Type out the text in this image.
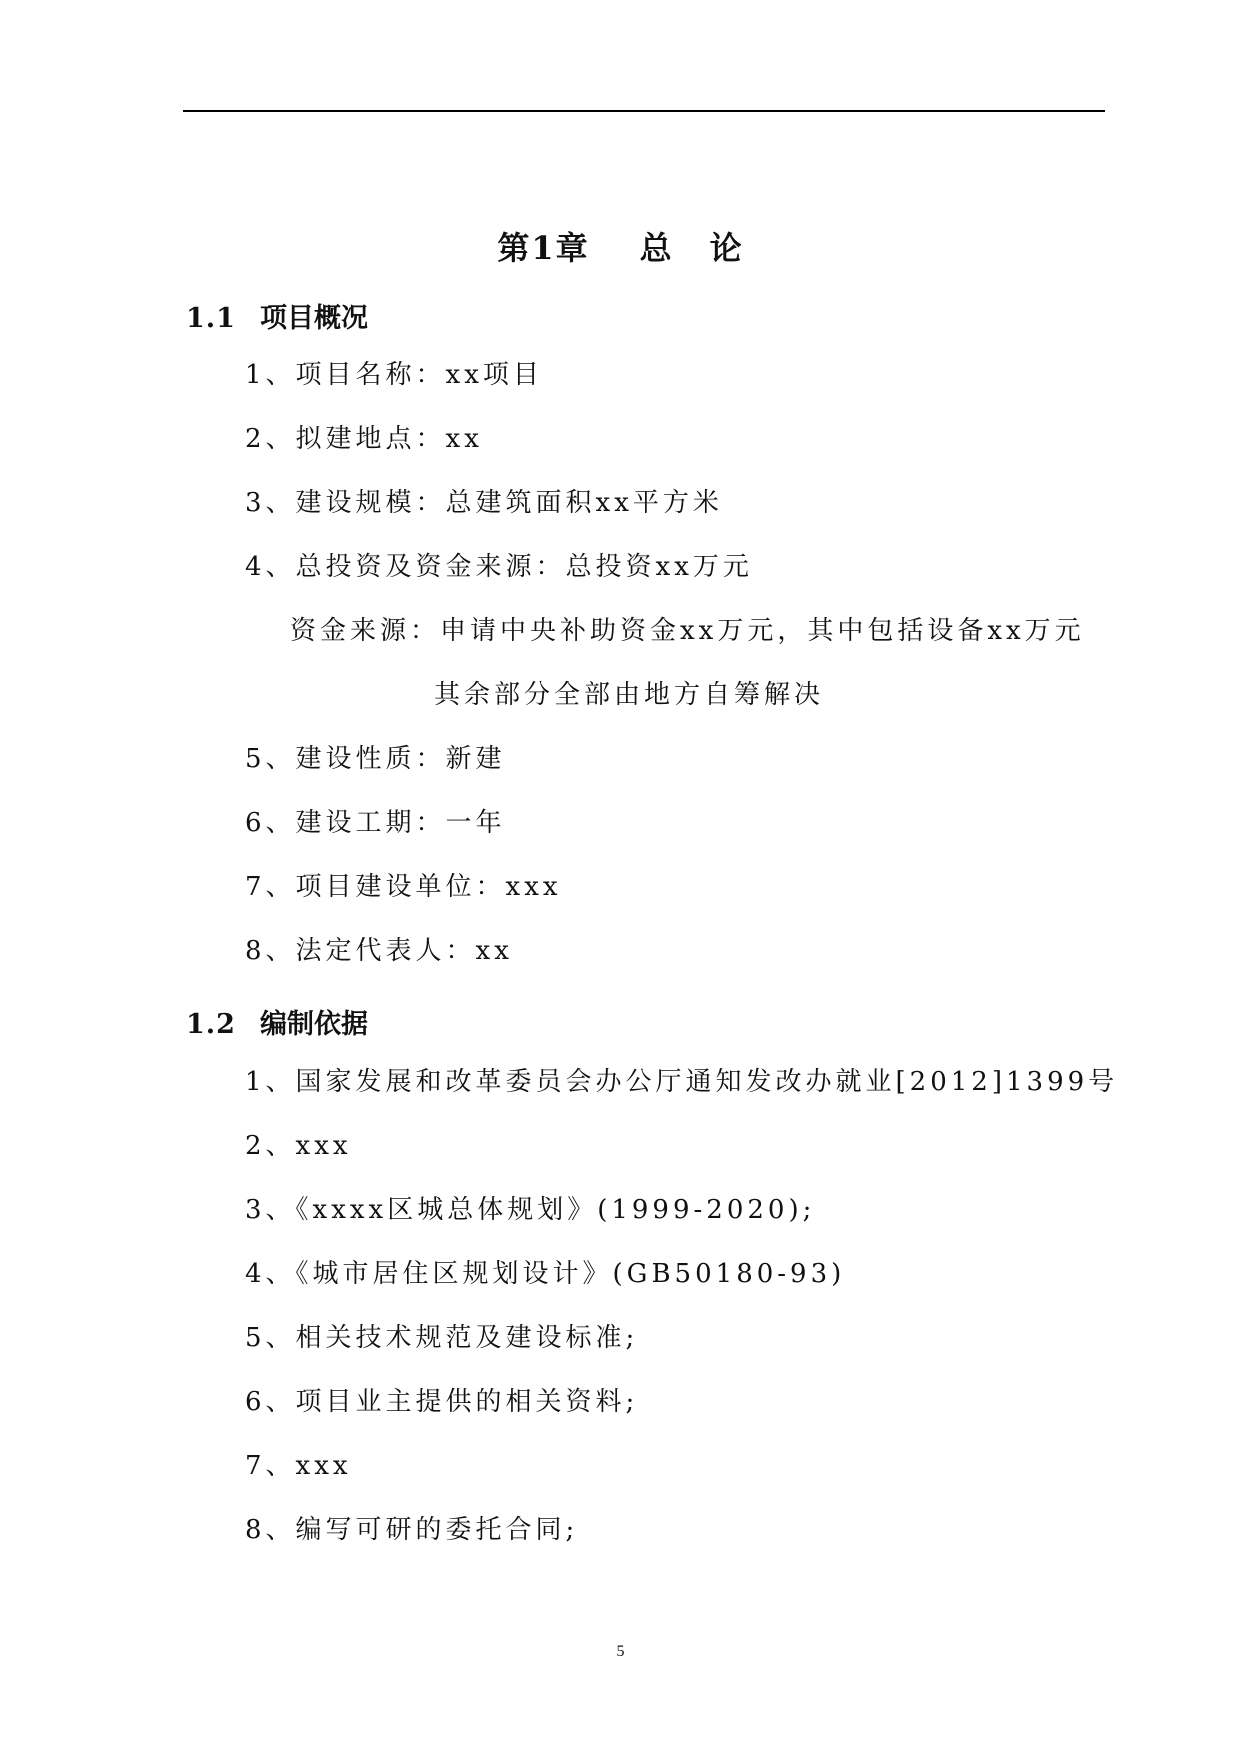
第1章 总 论
1.1 项目概况
1、项目名称：xx项目
2、拟建地点：xx
3、建设规模：总建筑面积xx平方米
4、总投资及资金来源：总投资xx万元
资金来源：申请中央补助资金xx万元，其中包括设备xx万元
其余部分全部由地方自筹解决
5、建设性质：新建
6、建设工期：一年
7、项目建设单位：xxx
8、法定代表人：xx
1.2 编制依据
1、国家发展和改革委员会办公厅通知发改办就业[2012]1399号
2、xxx
3、《xxxx区城总体规划》(1999-2020);
4、《城市居住区规划设计》(GB50180-93)
5、相关技术规范及建设标准;
6、项目业主提供的相关资料;
7、xxx
8、编写可研的委托合同;
5
